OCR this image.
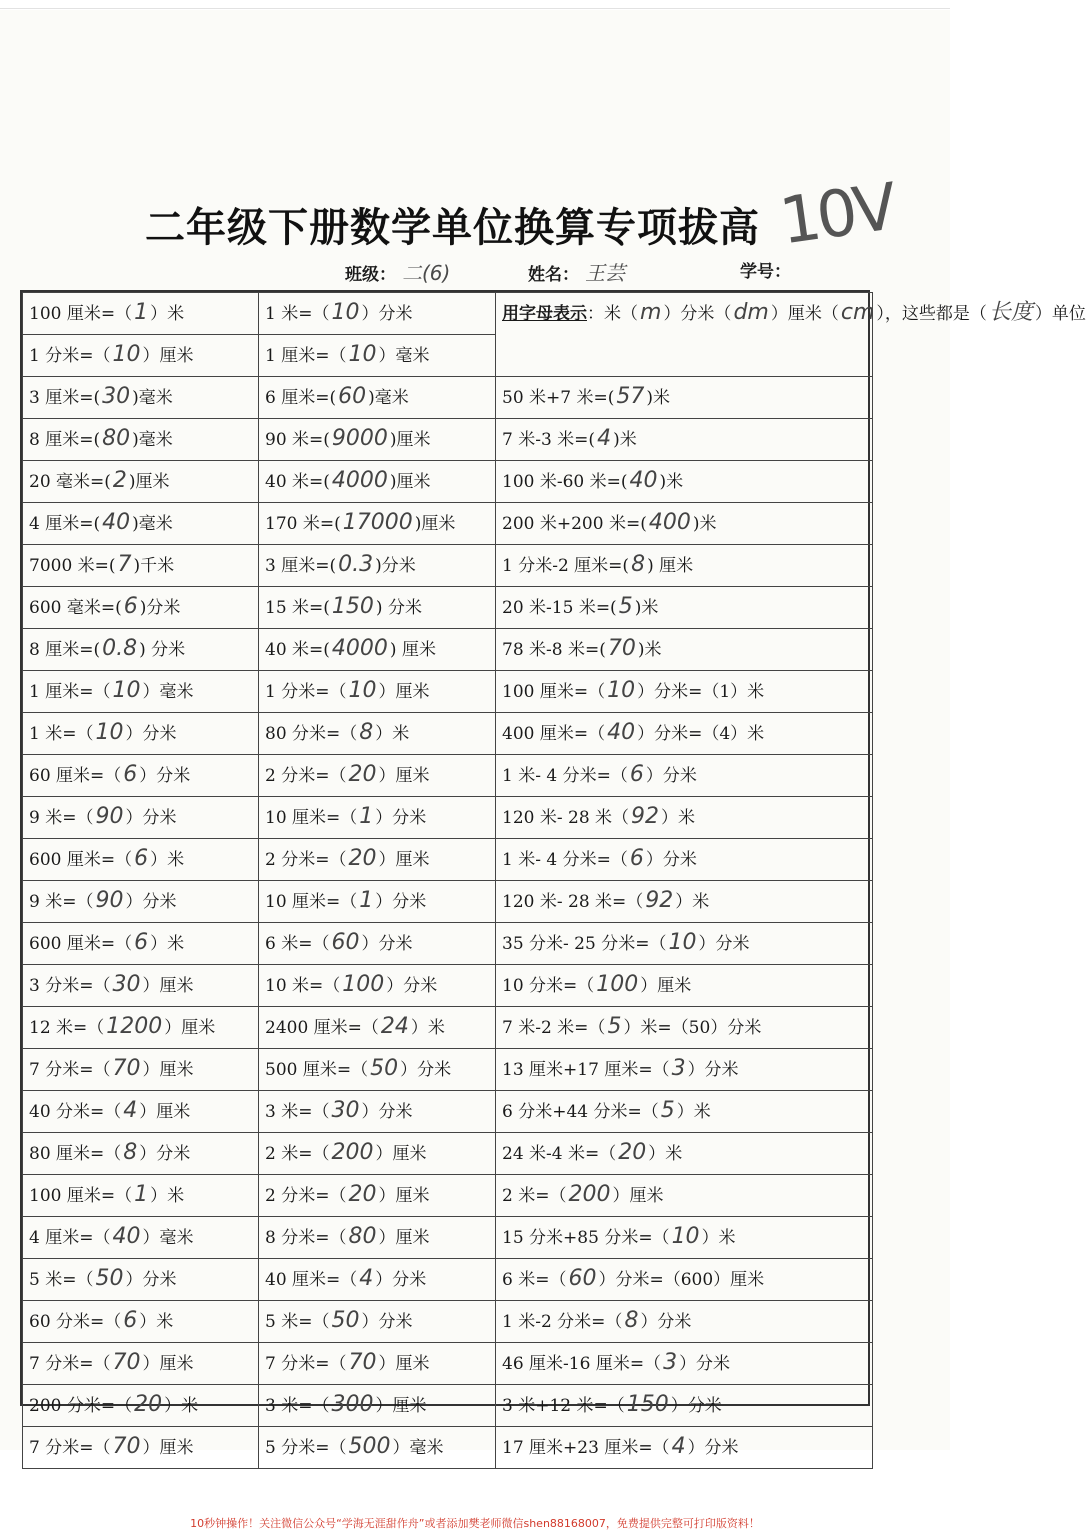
二年级下册数学单位换算专项拔高 10V
班级： 二(6)	姓名： 王芸	学号：
100 厘米=（1 ）米	1 米=（10 ）分米	用字母表示：米（m ）分米（dm ）厘米（cm ），这些都是（长度 ）单位
1 分米=（10 ）厘米	1 厘米=（10 ）毫米	
3 厘米=(30 )毫米	6 厘米=(60 )毫米	50 米+7 米=(57 )米
8 厘米=(80 )毫米	90 米=(9000 )厘米	7 米-3 米=(4 )米
20 毫米=(2 )厘米	40 米=(4000 )厘米	100 米-60 米=(40 )米
4 厘米=(40 )毫米	170 米=(17000 )厘米	200 米+200 米=(400 )米
7000 米=(7 )千米	3 厘米=(0.3 )分米	1 分米-2 厘米=(8 ) 厘米
600 毫米=(6 )分米	15 米=(150 ) 分米	20 米-15 米=(5 )米
8 厘米=(0.8 ) 分米	40 米=(4000 ) 厘米	78 米-8 米=(70 )米
1 厘米=（10 ）毫米	1 分米=（10 ）厘米	100 厘米=（10 ）分米=（1）米
1 米=（10 ）分米	80 分米=（8 ）米	400 厘米=（40 ）分米=（4）米
60 厘米=（6 ）分米	2 分米=（20 ）厘米	1 米- 4 分米=（6 ）分米
9 米=（90 ）分米	10 厘米=（1 ）分米	120 米- 28 米（92 ）米
600 厘米=（6 ）米	2 分米=（20 ）厘米	1 米- 4 分米=（6 ）分米
9 米=（90 ）分米	10 厘米=（1 ）分米	120 米- 28 米=（92 ）米
600 厘米=（6 ）米	6 米=（60 ）分米	35 分米- 25 分米=（10 ）分米
3 分米=（30 ）厘米	10 米=（100 ）分米	10 分米=（100 ）厘米
12 米=（1200 ）厘米	2400 厘米=（24 ）米	7 米-2 米=（5 ）米=（50）分米
7 分米=（70 ）厘米	500 厘米=（50 ）分米	13 厘米+17 厘米=（3 ）分米
40 分米=（4 ）厘米	3 米=（30 ）分米	6 分米+44 分米=（5 ）米
80 厘米=（8 ）分米	2 米=（200 ）厘米	24 米-4 米=（20 ）米
100 厘米=（1 ）米	2 分米=（20 ）厘米	2 米=（200 ）厘米
4 厘米=（40 ）毫米	8 分米=（80 ）厘米	15 分米+85 分米=（10 ）米
5 米=（50 ）分米	40 厘米=（4 ）分米	6 米=（60 ）分米=（600）厘米
60 分米=（6 ）米	5 米=（50 ）分米	1 米-2 分米=（8 ）分米
7 分米=（70 ）厘米	7 分米=（70 ）厘米	46 厘米-16 厘米=（3 ）分米
200 分米=（20 ）米	3 米=（300 ）厘米	3 米+12 米=（150 ）分米
7 分米=（70 ）厘米	5 分米=（500 ）毫米	17 厘米+23 厘米=（4 ）分米
10秒钟操作！关注微信公众号“学海无涯甜作舟”或者添加樊老师微信shen88168007，免费提供完整可打印版资料！
